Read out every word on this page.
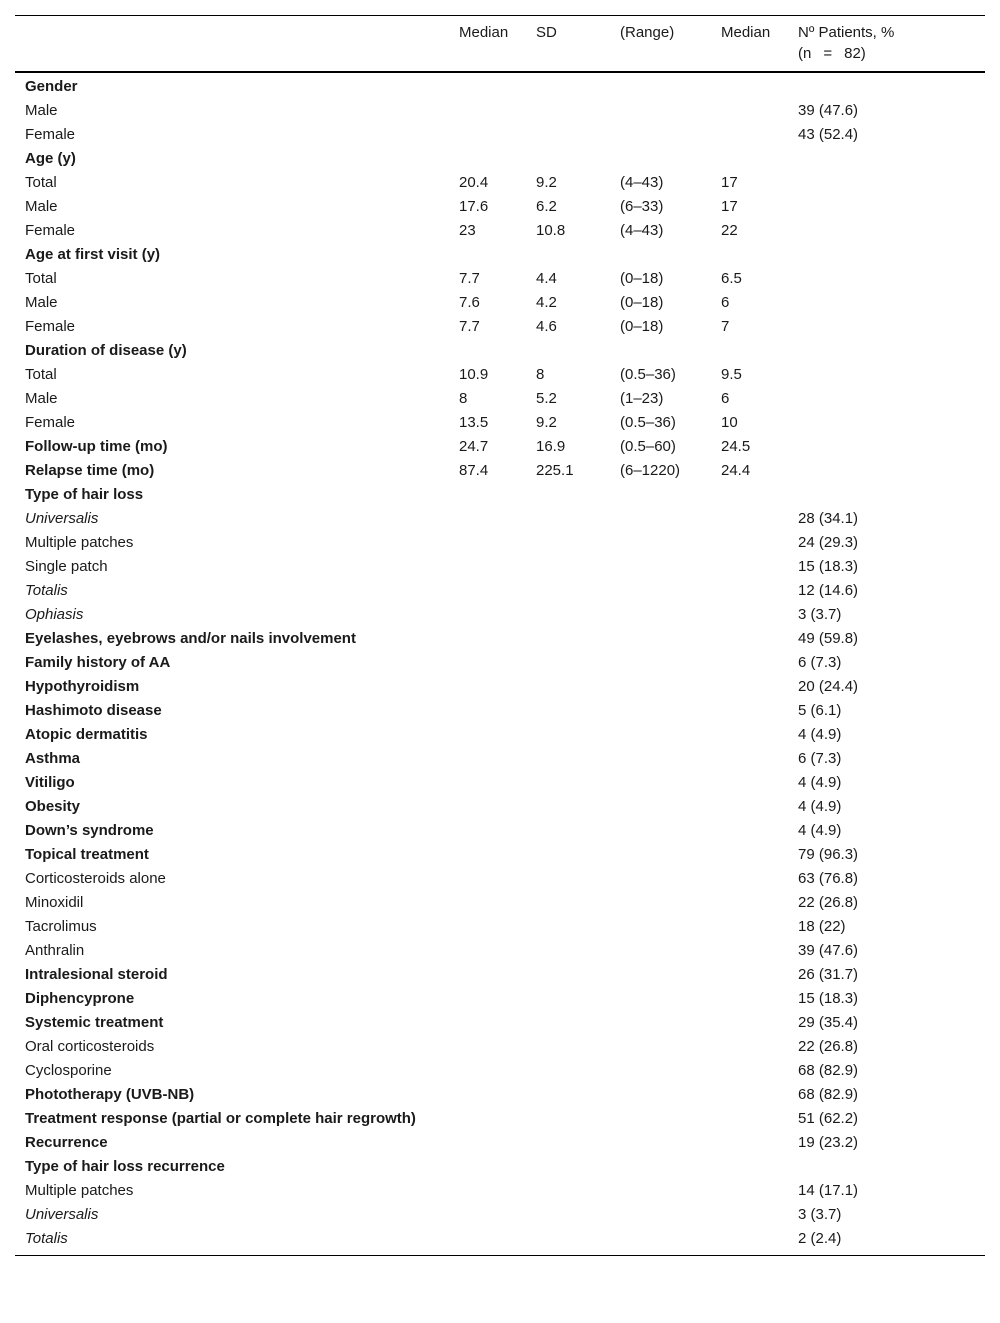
	Median	SD	(Range)	Median	Nº Patients, %
(n    =    82)

Gender					
Male					39 (47.6)
Female					43 (52.4)
Age (y)					
Total	20.4	9.2	(4–43)	17	
Male	17.6	6.2	(6–33)	17	
Female	23	10.8	(4–43)	22	
Age at first visit (y)					
Total	7.7	4.4	(0–18)	6.5	
Male	7.6	4.2	(0–18)	6	
Female	7.7	4.6	(0–18)	7	
Duration of disease (y)					
Total	10.9	8	(0.5–36)	9.5	
Male	8	5.2	(1–23)	6	
Female	13.5	9.2	(0.5–36)	10	
Follow-up time (mo)	24.7	16.9	(0.5–60)	24.5	
Relapse time (mo)	87.4	225.1	(6–1220)	24.4	
Type of hair loss					
Universalis					28 (34.1)
Multiple patches					24 (29.3)
Single patch					15 (18.3)
Totalis					12 (14.6)
Ophiasis					3 (3.7)
Eyelashes, eyebrows and/or nails involvement					49 (59.8)
Family history of AA					6 (7.3)
Hypothyroidism					20 (24.4)
Hashimoto disease					5 (6.1)
Atopic dermatitis					4 (4.9)
Asthma					6 (7.3)
Vitiligo					4 (4.9)
Obesity					4 (4.9)
Down’s syndrome					4 (4.9)
Topical treatment					79 (96.3)
Corticosteroids alone					63 (76.8)
Minoxidil					22 (26.8)
Tacrolimus					18 (22)
Anthralin					39 (47.6)
Intralesional steroid					26 (31.7)
Diphencyprone					15 (18.3)
Systemic treatment					29 (35.4)
Oral corticosteroids					22 (26.8)
Cyclosporine					68 (82.9)
Phototherapy (UVB-NB)					68 (82.9)
Treatment response (partial or complete hair regrowth)					51 (62.2)
Recurrence					19 (23.2)
Type of hair loss recurrence					
Multiple patches					14 (17.1)
Universalis					3 (3.7)
Totalis					2 (2.4)
